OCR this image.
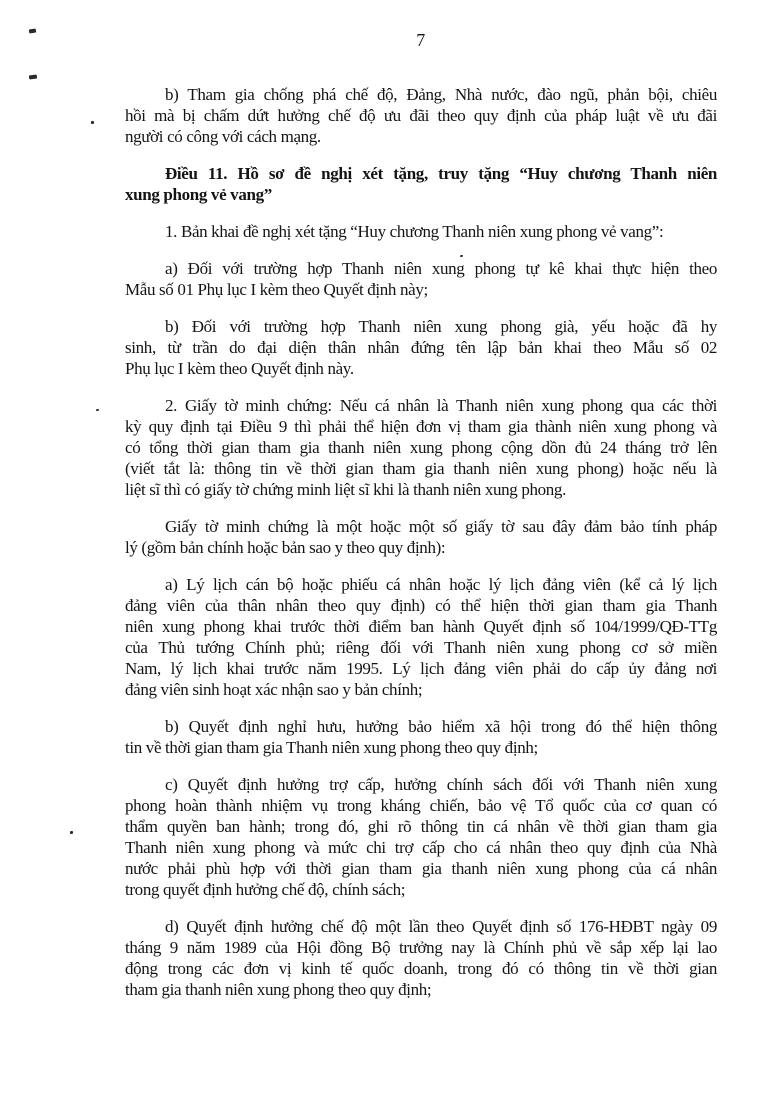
7
b) Tham gia chống phá chế độ, Đảng, Nhà nước, đào ngũ, phản bội, chiêu
hồi mà bị chấm dứt hưởng chế độ ưu đãi theo quy định của pháp luật về ưu đãi
người có công với cách mạng.
Điều 11. Hồ sơ đề nghị xét tặng, truy tặng “Huy chương Thanh niên
xung phong vẻ vang”
1. Bản khai đề nghị xét tặng “Huy chương Thanh niên xung phong vẻ vang”:
a) Đối với trường hợp Thanh niên xung phong tự kê khai thực hiện theo
Mẫu số 01 Phụ lục I kèm theo Quyết định này;
b) Đối với trường hợp Thanh niên xung phong già, yếu hoặc đã hy
sinh, từ trần do đại diện thân nhân đứng tên lập bản khai theo Mẫu số 02
Phụ lục I kèm theo Quyết định này.
2. Giấy tờ minh chứng: Nếu cá nhân là Thanh niên xung phong qua các thời
kỳ quy định tại Điều 9 thì phải thể hiện đơn vị tham gia thành niên xung phong và
có tổng thời gian tham gia thanh niên xung phong cộng dồn đủ 24 tháng trở lên
(viết tắt là: thông tin về thời gian tham gia thanh niên xung phong) hoặc nếu là
liệt sĩ thì có giấy tờ chứng minh liệt sĩ khi là thanh niên xung phong.
Giấy tờ minh chứng là một hoặc một số giấy tờ sau đây đảm bảo tính pháp
lý (gồm bản chính hoặc bản sao y theo quy định):
a) Lý lịch cán bộ hoặc phiếu cá nhân hoặc lý lịch đảng viên (kể cả lý lịch
đảng viên của thân nhân theo quy định) có thể hiện thời gian tham gia Thanh
niên xung phong khai trước thời điểm ban hành Quyết định số 104/1999/QĐ-TTg
của Thủ tướng Chính phủ; riêng đối với Thanh niên xung phong cơ sở miền
Nam, lý lịch khai trước năm 1995. Lý lịch đảng viên phải do cấp ủy đảng nơi
đảng viên sinh hoạt xác nhận sao y bản chính;
b) Quyết định nghỉ hưu, hưởng bảo hiểm xã hội trong đó thể hiện thông
tin về thời gian tham gia Thanh niên xung phong theo quy định;
c) Quyết định hưởng trợ cấp, hưởng chính sách đối với Thanh niên xung
phong hoàn thành nhiệm vụ trong kháng chiến, bảo vệ Tổ quốc của cơ quan có
thẩm quyền ban hành; trong đó, ghi rõ thông tin cá nhân về thời gian tham gia
Thanh niên xung phong và mức chi trợ cấp cho cá nhân theo quy định của Nhà
nước phải phù hợp với thời gian tham gia thanh niên xung phong của cá nhân
trong quyết định hưởng chế độ, chính sách;
d) Quyết định hưởng chế độ một lần theo Quyết định số 176-HĐBT ngày 09
tháng 9 năm 1989 của Hội đồng Bộ trưởng nay là Chính phủ về sắp xếp lại lao
động trong các đơn vị kinh tế quốc doanh, trong đó có thông tin về thời gian
tham gia thanh niên xung phong theo quy định;
